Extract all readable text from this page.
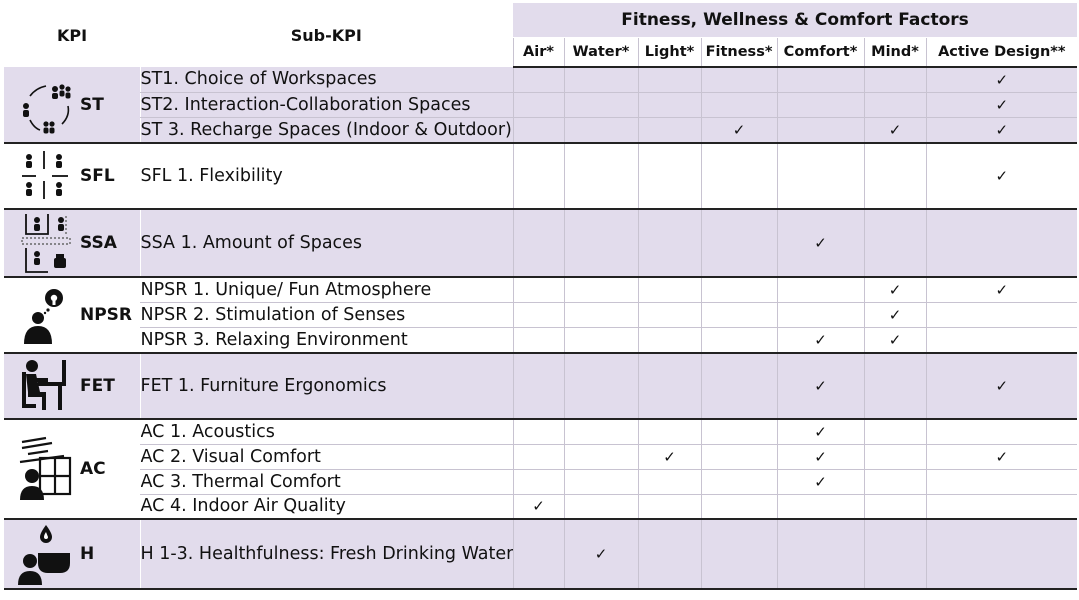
KPI	Sub-KPI	Fitness, Wellness & Comfort Factors						
		Air*	Water*	Light*	Fitness*	Comfort*	Mind*	Active Design**

ST	ST1. Choice of Workspaces							✓
	ST2. Interaction-Collaboration Spaces							✓
	ST 3. Recharge Spaces (Indoor & Outdoor)				✓		✓	✓

SFL	SFL 1. Flexibility							✓

SSA	SSA 1. Amount of Spaces					✓		

NPSR	NPSR 1. Unique/ Fun Atmosphere						✓	✓
	NPSR 2. Stimulation of Senses						✓	
	NPSR 3. Relaxing Environment					✓	✓	

FET	FET 1. Furniture Ergonomics					✓		✓

AC	AC 1. Acoustics					✓		
	AC 2. Visual Comfort			✓		✓		✓
	AC 3. Thermal Comfort					✓		
	AC 4. Indoor Air Quality	✓						

H	H 1-3. Healthfulness: Fresh Drinking Water		✓					
